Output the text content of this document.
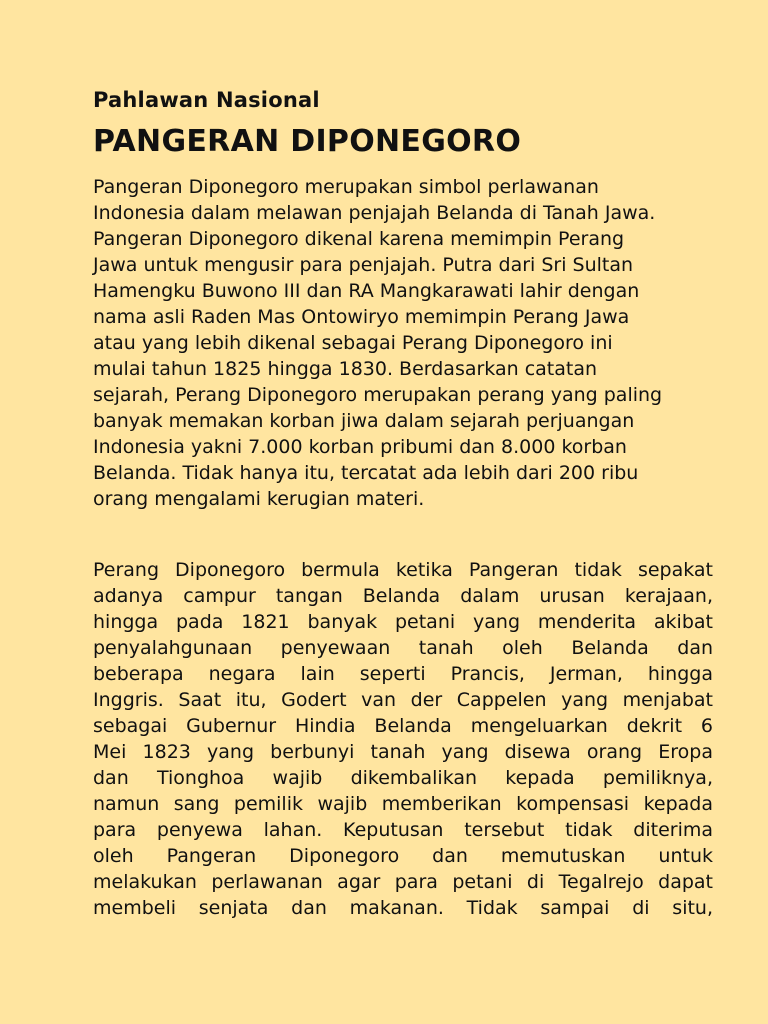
Pahlawan Nasional
PANGERAN DIPONEGORO

Pangeran Diponegoro merupakan simbol perlawanan
Indonesia dalam melawan penjajah Belanda di Tanah Jawa.
Pangeran Diponegoro dikenal karena memimpin Perang
Jawa untuk mengusir para penjajah. Putra dari Sri Sultan
Hamengku Buwono III dan RA Mangkarawati lahir dengan
nama asli Raden Mas Ontowiryo memimpin Perang Jawa
atau yang lebih dikenal sebagai Perang Diponegoro ini
mulai tahun 1825 hingga 1830. Berdasarkan catatan
sejarah, Perang Diponegoro merupakan perang yang paling
banyak memakan korban jiwa dalam sejarah perjuangan
Indonesia yakni 7.000 korban pribumi dan 8.000 korban
Belanda. Tidak hanya itu, tercatat ada lebih dari 200 ribu
orang mengalami kerugian materi.

Perang Diponegoro bermula ketika Pangeran tidak sepakat
adanya campur tangan Belanda dalam urusan kerajaan,
hingga pada 1821 banyak petani yang menderita akibat
penyalahgunaan penyewaan tanah oleh Belanda dan
beberapa negara lain seperti Prancis, Jerman, hingga
Inggris. Saat itu, Godert van der Cappelen yang menjabat
sebagai Gubernur Hindia Belanda mengeluarkan dekrit 6
Mei 1823 yang berbunyi tanah yang disewa orang Eropa
dan Tionghoa wajib dikembalikan kepada pemiliknya,
namun sang pemilik wajib memberikan kompensasi kepada
para penyewa lahan. Keputusan tersebut tidak diterima
oleh Pangeran Diponegoro dan memutuskan untuk
melakukan perlawanan agar para petani di Tegalrejo dapat
membeli senjata dan makanan. Tidak sampai di situ,
